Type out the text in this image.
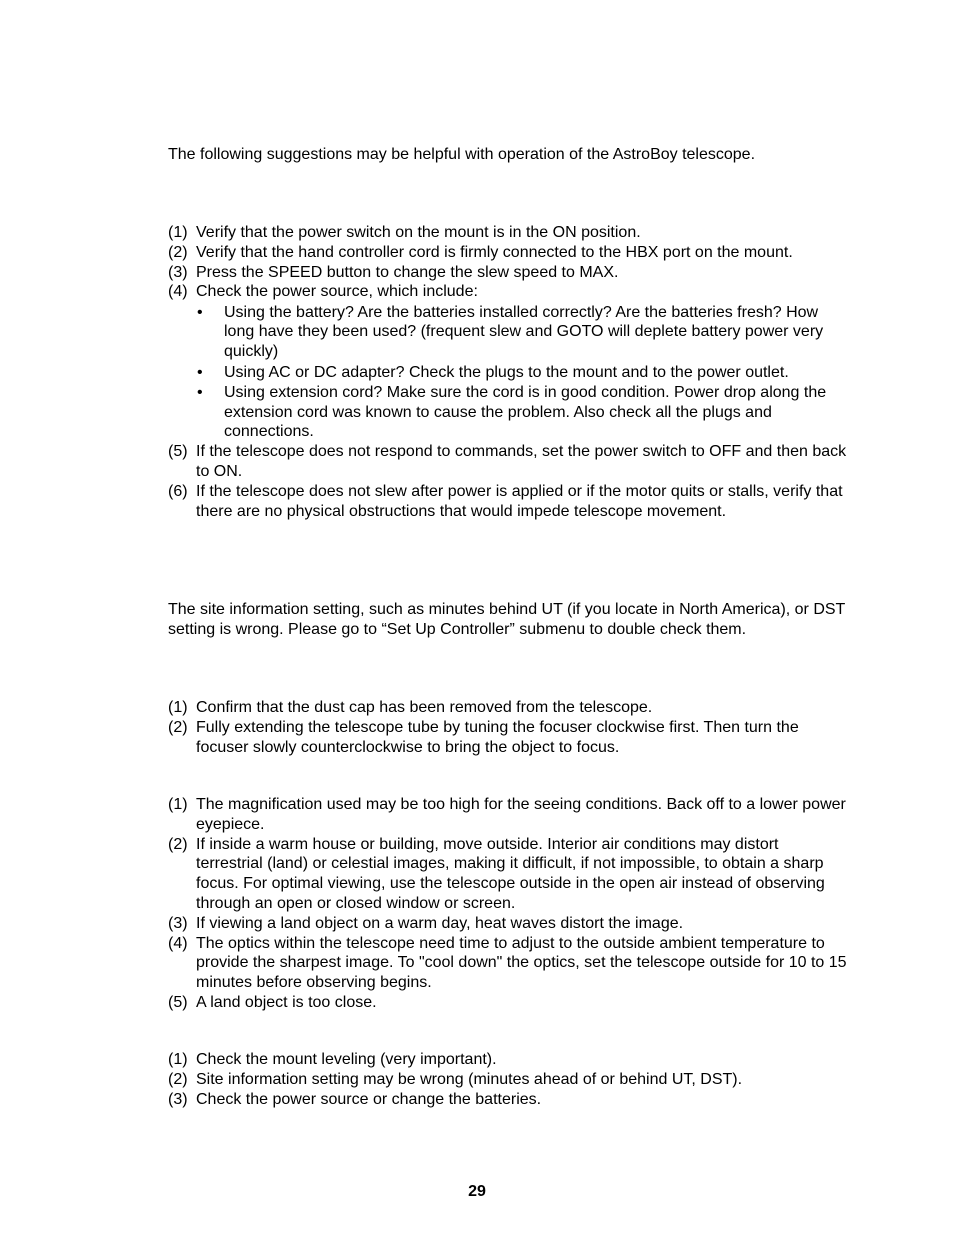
The following suggestions may be helpful with operation of the AstroBoy telescope.

(1) Verify that the power switch on the mount is in the ON position.
(2) Verify that the hand controller cord is firmly connected to the HBX port on the mount.
(3) Press the SPEED button to change the slew speed to MAX.
(4) Check the power source, which include:
• Using the battery? Are the batteries installed correctly? Are the batteries fresh? How long have they been used? (frequent slew and GOTO will deplete battery power very quickly)
• Using AC or DC adapter? Check the plugs to the mount and to the power outlet.
• Using extension cord? Make sure the cord is in good condition. Power drop along the extension cord was known to cause the problem. Also check all the plugs and connections.
(5) If the telescope does not respond to commands, set the power switch to OFF and then back to ON.
(6) If the telescope does not slew after power is applied or if the motor quits or stalls, verify that there are no physical obstructions that would impede telescope movement.

The site information setting, such as minutes behind UT (if you locate in North America), or DST setting is wrong. Please go to “Set Up Controller” submenu to double check them.

(1) Confirm that the dust cap has been removed from the telescope.
(2) Fully extending the telescope tube by tuning the focuser clockwise first. Then turn the focuser slowly counterclockwise to bring the object to focus.
(1) The magnification used may be too high for the seeing conditions. Back off to a lower power eyepiece.
(2) If inside a warm house or building, move outside. Interior air conditions may distort terrestrial (land) or celestial images, making it difficult, if not impossible, to obtain a sharp focus. For optimal viewing, use the telescope outside in the open air instead of observing through an open or closed window or screen.
(3) If viewing a land object on a warm day, heat waves distort the image.
(4) The optics within the telescope need time to adjust to the outside ambient temperature to provide the sharpest image. To "cool down" the optics, set the telescope outside for 10 to 15 minutes before observing begins.
(5) A land object is too close.
(1) Check the mount leveling (very important).
(2) Site information setting may be wrong (minutes ahead of or behind UT, DST).
(3) Check the power source or change the batteries.
29
